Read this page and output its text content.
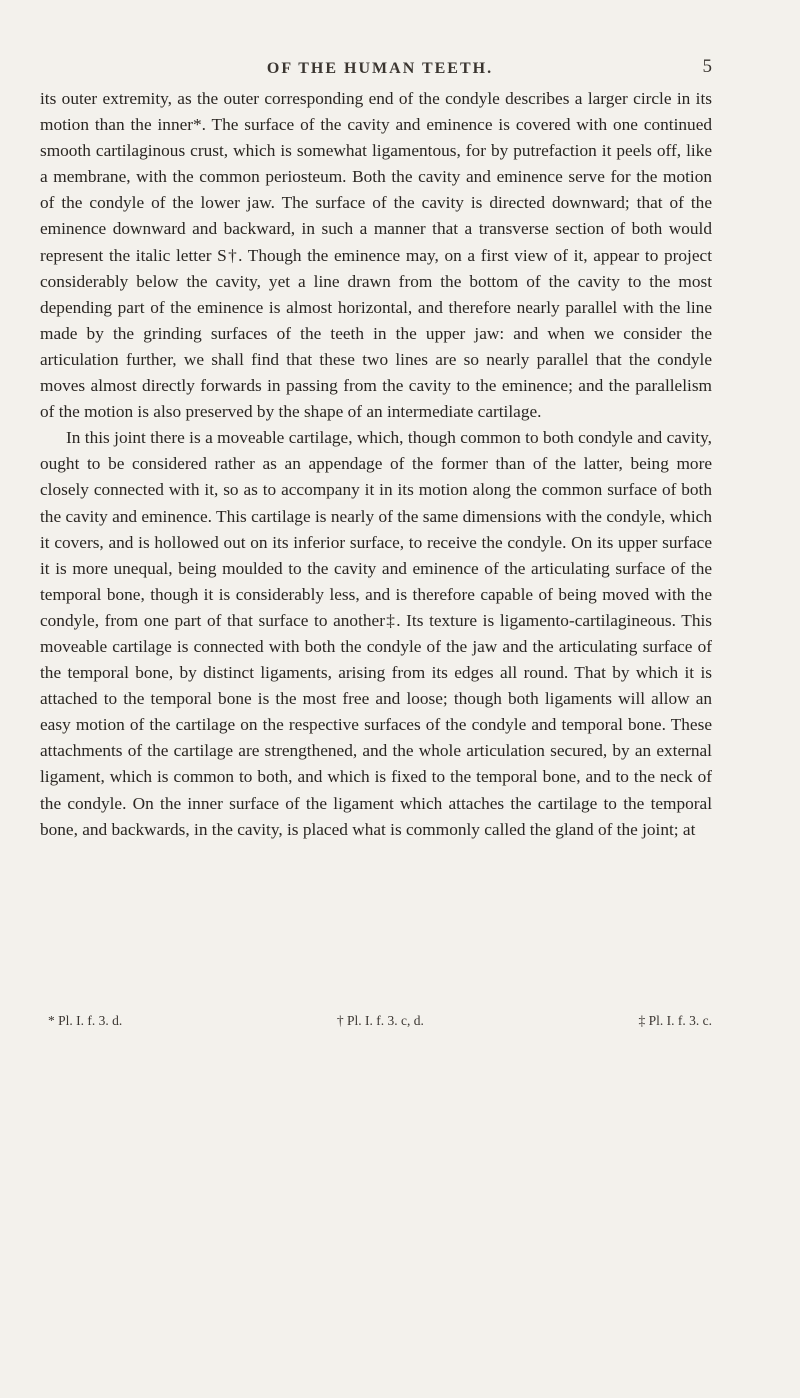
OF THE HUMAN TEETH.	5

its outer extremity, as the outer corresponding end of the condyle describes a larger circle in its motion than the inner*. The surface of the cavity and eminence is covered with one continued smooth cartilaginous crust, which is somewhat ligamentous, for by putrefaction it peels off, like a membrane, with the common periosteum. Both the cavity and eminence serve for the motion of the condyle of the lower jaw. The surface of the cavity is directed downward; that of the eminence downward and backward, in such a manner that a transverse section of both would represent the italic letter S†. Though the eminence may, on a first view of it, appear to project considerably below the cavity, yet a line drawn from the bottom of the cavity to the most depending part of the eminence is almost horizontal, and therefore nearly parallel with the line made by the grinding surfaces of the teeth in the upper jaw: and when we consider the articulation further, we shall find that these two lines are so nearly parallel that the condyle moves almost directly forwards in passing from the cavity to the eminence; and the parallelism of the motion is also preserved by the shape of an intermediate cartilage.

In this joint there is a moveable cartilage, which, though common to both condyle and cavity, ought to be considered rather as an appendage of the former than of the latter, being more closely connected with it, so as to accompany it in its motion along the common surface of both the cavity and eminence. This cartilage is nearly of the same dimensions with the condyle, which it covers, and is hollowed out on its inferior surface, to receive the condyle. On its upper surface it is more unequal, being moulded to the cavity and eminence of the articulating surface of the temporal bone, though it is considerably less, and is therefore capable of being moved with the condyle, from one part of that surface to another‡. Its texture is ligamento-cartilagineous. This moveable cartilage is connected with both the condyle of the jaw and the articulating surface of the temporal bone, by distinct ligaments, arising from its edges all round. That by which it is attached to the temporal bone is the most free and loose; though both ligaments will allow an easy motion of the cartilage on the respective surfaces of the condyle and temporal bone. These attachments of the cartilage are strengthened, and the whole articulation secured, by an external ligament, which is common to both, and which is fixed to the temporal bone, and to the neck of the condyle. On the inner surface of the ligament which attaches the cartilage to the temporal bone, and backwards, in the cavity, is placed what is commonly called the gland of the joint; at

* Pl. I. f. 3. d.	† Pl. I. f. 3. c, d.	‡ Pl. I. f. 3. c.
